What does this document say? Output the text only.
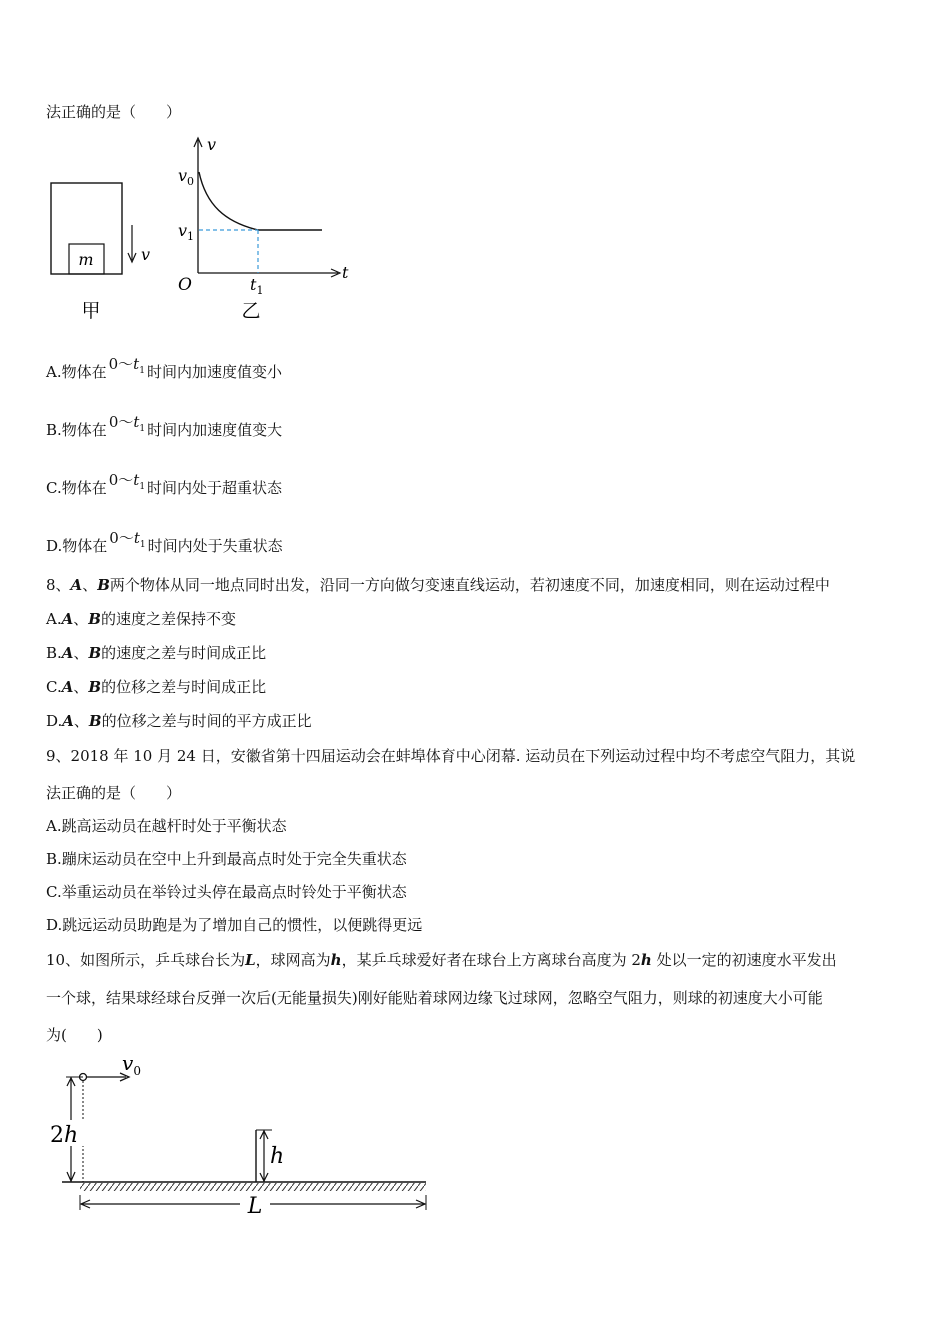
法正确的是（　　）
m	v
甲
v
t
O
$v_0$
$v_1$
$t_1$
乙
A.物体在 $0\sim t_1$ 时间内加速度值变小
B.物体在 $0\sim t_1$ 时间内加速度值变大
C.物体在 $0\sim t_1$ 时间内处于超重状态
D.物体在 $0\sim t_1$ 时间内处于失重状态
8、A、B两个物体从同一地点同时出发，沿同一方向做匀变速直线运动，若初速度不同，加速度相同，则在运动过程中
A.A、B的速度之差保持不变
B.A、B的速度之差与时间成正比
C.A、B的位移之差与时间成正比
D.A、B的位移之差与时间的平方成正比
9、2018 年 10 月 24 日，安徽省第十四届运动会在蚌埠体育中心闭幕. 运动员在下列运动过程中均不考虑空气阻力，其说
法正确的是（　　）
A.跳高运动员在越杆时处于平衡状态
B.蹦床运动员在空中上升到最高点时处于完全失重状态
C.举重运动员在举铃过头停在最高点时铃处于平衡状态
D.跳远运动员助跑是为了增加自己的惯性，以便跳得更远
10、如图所示，乒乓球台长为L，球网高为h，某乒乓球爱好者在球台上方离球台高度为 2h 处以一定的初速度水平发出
一个球，结果球经球台反弹一次后(无能量损失)刚好能贴着球网边缘飞过球网，忽略空气阻力，则球的初速度大小可能
为(　　)
$v_0$
2h
h
L
